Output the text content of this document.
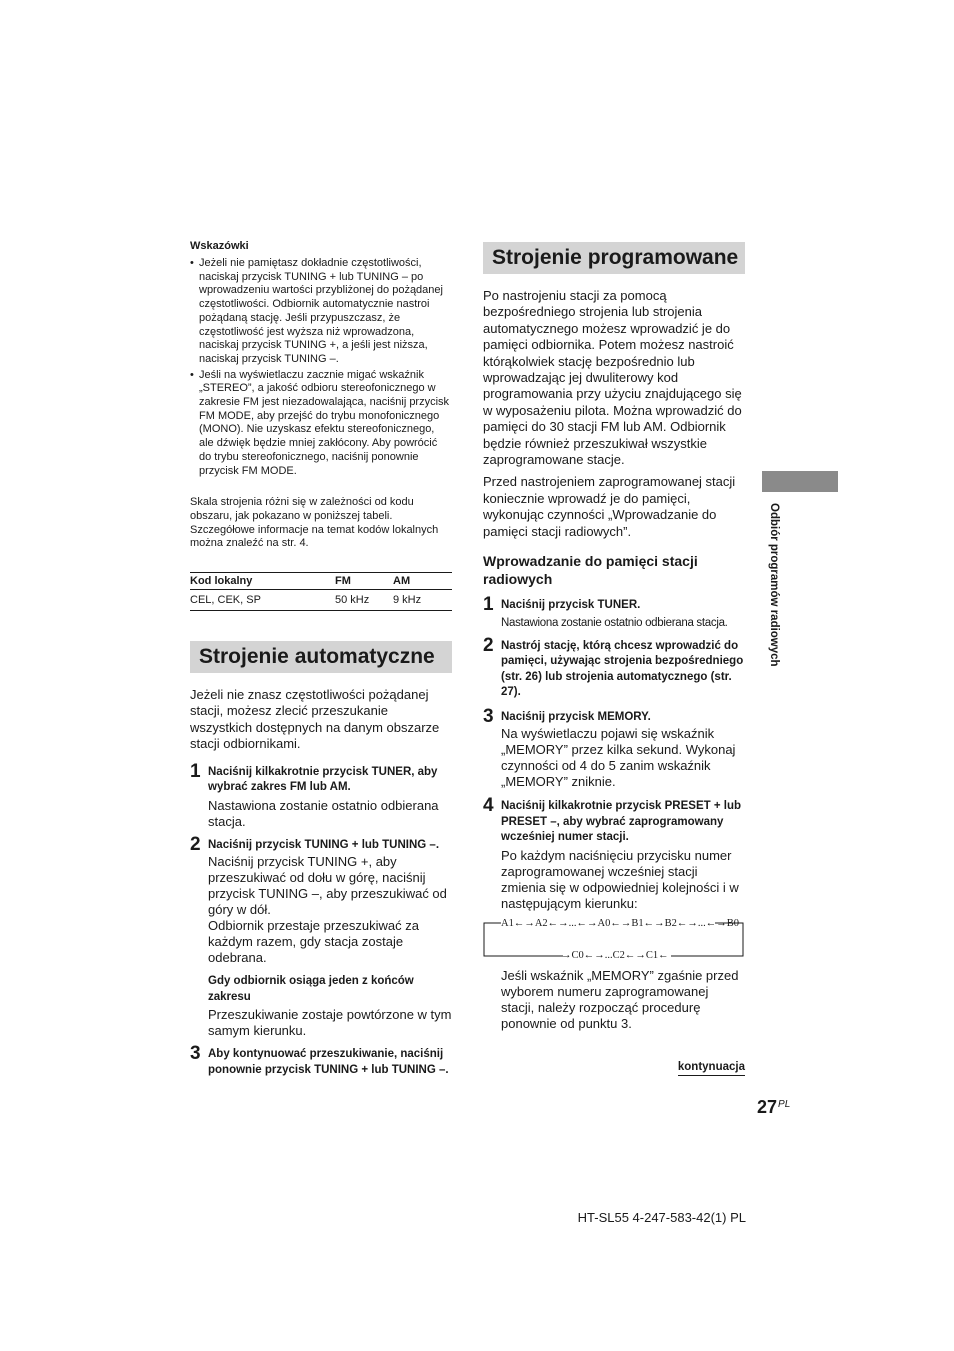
Wskazówki
• Jeżeli nie pamiętasz dokładnie częstotliwości, naciskaj przycisk TUNING + lub TUNING – po wprowadzeniu wartości przybliżonej do pożądanej częstotliwości. Odbiornik automatycznie nastroi pożądaną stację. Jeśli przypuszczasz, że częstotliwość jest wyższa niż wprowadzona, naciskaj przycisk TUNING +, a jeśli jest niższa, naciskaj przycisk TUNING –.
• Jeśli na wyświetlaczu zacznie migać wskaźnik „STEREO”, a jakość odbioru stereofonicznego w zakresie FM jest niezadowalająca, naciśnij przycisk FM MODE, aby przejść do trybu monofonicznego (MONO). Nie uzyskasz efektu stereofonicznego, ale dźwięk będzie mniej zakłócony. Aby powrócić do trybu stereofonicznego, naciśnij ponownie przycisk FM MODE.

Skala strojenia różni się w zależności od kodu obszaru, jak pokazano w poniższej tabeli. Szczegółowe informacje na temat kodów lokalnych można znaleźć na str. 4.

Kod lokalny	FM	AM
CEL, CEK, SP	50 kHz	9 kHz
Strojenie automatyczne

Jeżeli nie znasz częstotliwości pożądanej stacji, możesz zlecić przeszukanie wszystkich dostępnych na danym obszarze stacji odbiornikami.

1 Naciśnij kilkakrotnie przycisk TUNER, aby wybrać zakres FM lub AM.

Nastawiona zostanie ostatnio odbierana stacja.

2 Naciśnij przycisk TUNING + lub TUNING –.

Naciśnij przycisk TUNING +, aby przeszukiwać od dołu w górę, naciśnij przycisk TUNING –, aby przeszukiwać od góry w dół.

Odbiornik przestaje przeszukiwać za każdym razem, gdy stacja zostaje odebrana.

Gdy odbiornik osiąga jeden z końców zakresu

Przeszukiwanie zostaje powtórzone w tym samym kierunku.

3 Aby kontynuować przeszukiwanie, naciśnij ponownie przycisk TUNING + lub TUNING –.

Strojenie programowane

Po nastrojeniu stacji za pomocą bezpośredniego strojenia lub strojenia automatycznego możesz wprowadzić je do pamięci odbiornika. Potem możesz nastroić którąkolwiek stację bezpośrednio lub wprowadzając jej dwuliterowy kod programowania przy użyciu znajdującego się w wyposażeniu pilota. Można wprowadzić do pamięci do 30 stacji FM lub AM. Odbiornik będzie również przeszukiwał wszystkie zaprogramowane stacje.

Przed nastrojeniem zaprogramowanej stacji koniecznie wprowadź je do pamięci, wykonując czynności „Wprowadzanie do pamięci stacji radiowych”.

Wprowadzanie do pamięci stacji radiowych

1 Naciśnij przycisk TUNER.

Nastawiona zostanie ostatnio odbierana stacja.

2 Nastrój stację, którą chcesz wprowadzić do pamięci, używając strojenia bezpośredniego (str. 26) lub strojenia automatycznego (str. 27).

3 Naciśnij przycisk MEMORY.

Na wyświetlaczu pojawi się wskaźnik „MEMORY” przez kilka sekund. Wykonaj czynności od 4 do 5 zanim wskaźnik „MEMORY” zniknie.

4 Naciśnij kilkakrotnie przycisk PRESET + lub PRESET –, aby wybrać zaprogramowany wcześniej numer stacji.

Po każdym naciśnięciu przycisku numer zaprogramowanej wcześniej stacji zmienia się w odpowiedniej kolejności i w następującym kierunku:

A1←→A2←→...←→A0←→B1←→B2←→...←→B0
→C0←→...C2←→C1←

Jeśli wskaźnik „MEMORY” zgaśnie przed wyborem numeru zaprogramowanej stacji, należy rozpocząć procedurę ponownie od punktu 3.

kontynuacja
Odbiór programów radiowych
$27^{PL}$
HT-SL55 4-247-583-42(1) PL
